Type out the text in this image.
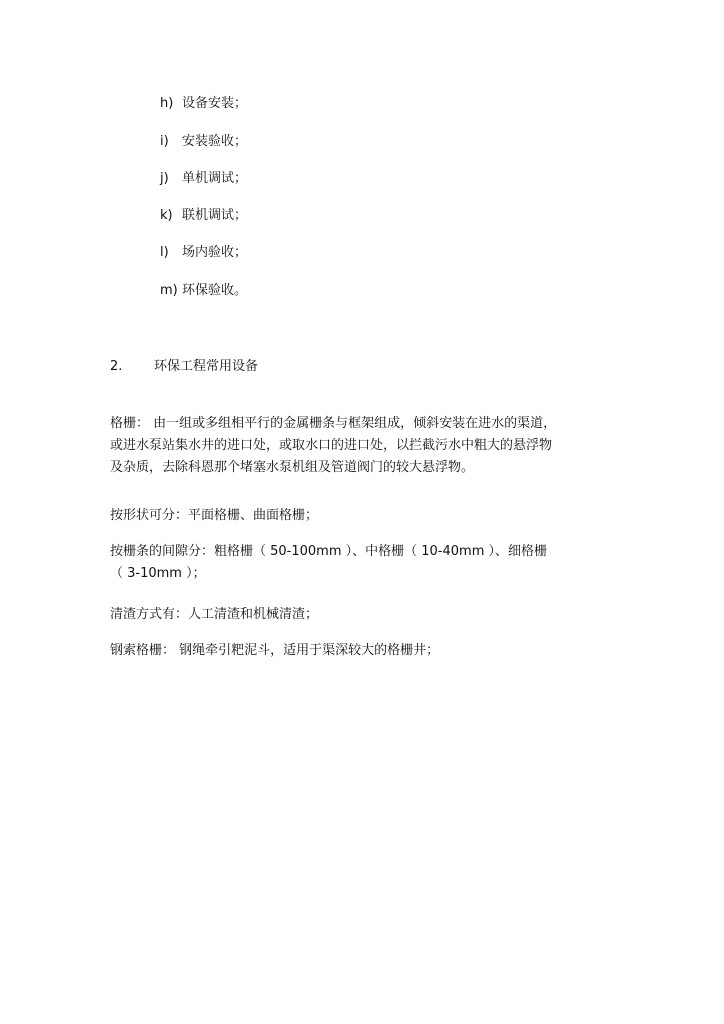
h) 设备安装；
i) 安装验收；
j) 单机调试；
k) 联机调试；
l) 场内验收；
m) 环保验收。
2. 环保工程常用设备
格栅： 由一组或多组相平行的金属栅条与框架组成，倾斜安装在进水的渠道，
或进水泵站集水井的进口处，或取水口的进口处，以拦截污水中粗大的悬浮物
及杂质，去除科恩那个堵塞水泵机组及管道阀门的较大悬浮物。
按形状可分：平面格栅、曲面格栅；
按栅条的间隙分：粗格栅（ 50-100mm ）、中格栅（ 10-40mm ）、细格栅
（ 3-10mm ）；
清渣方式有：人工清渣和机械清渣；
钢索格栅： 钢绳牵引粑泥斗，适用于渠深较大的格栅井；
